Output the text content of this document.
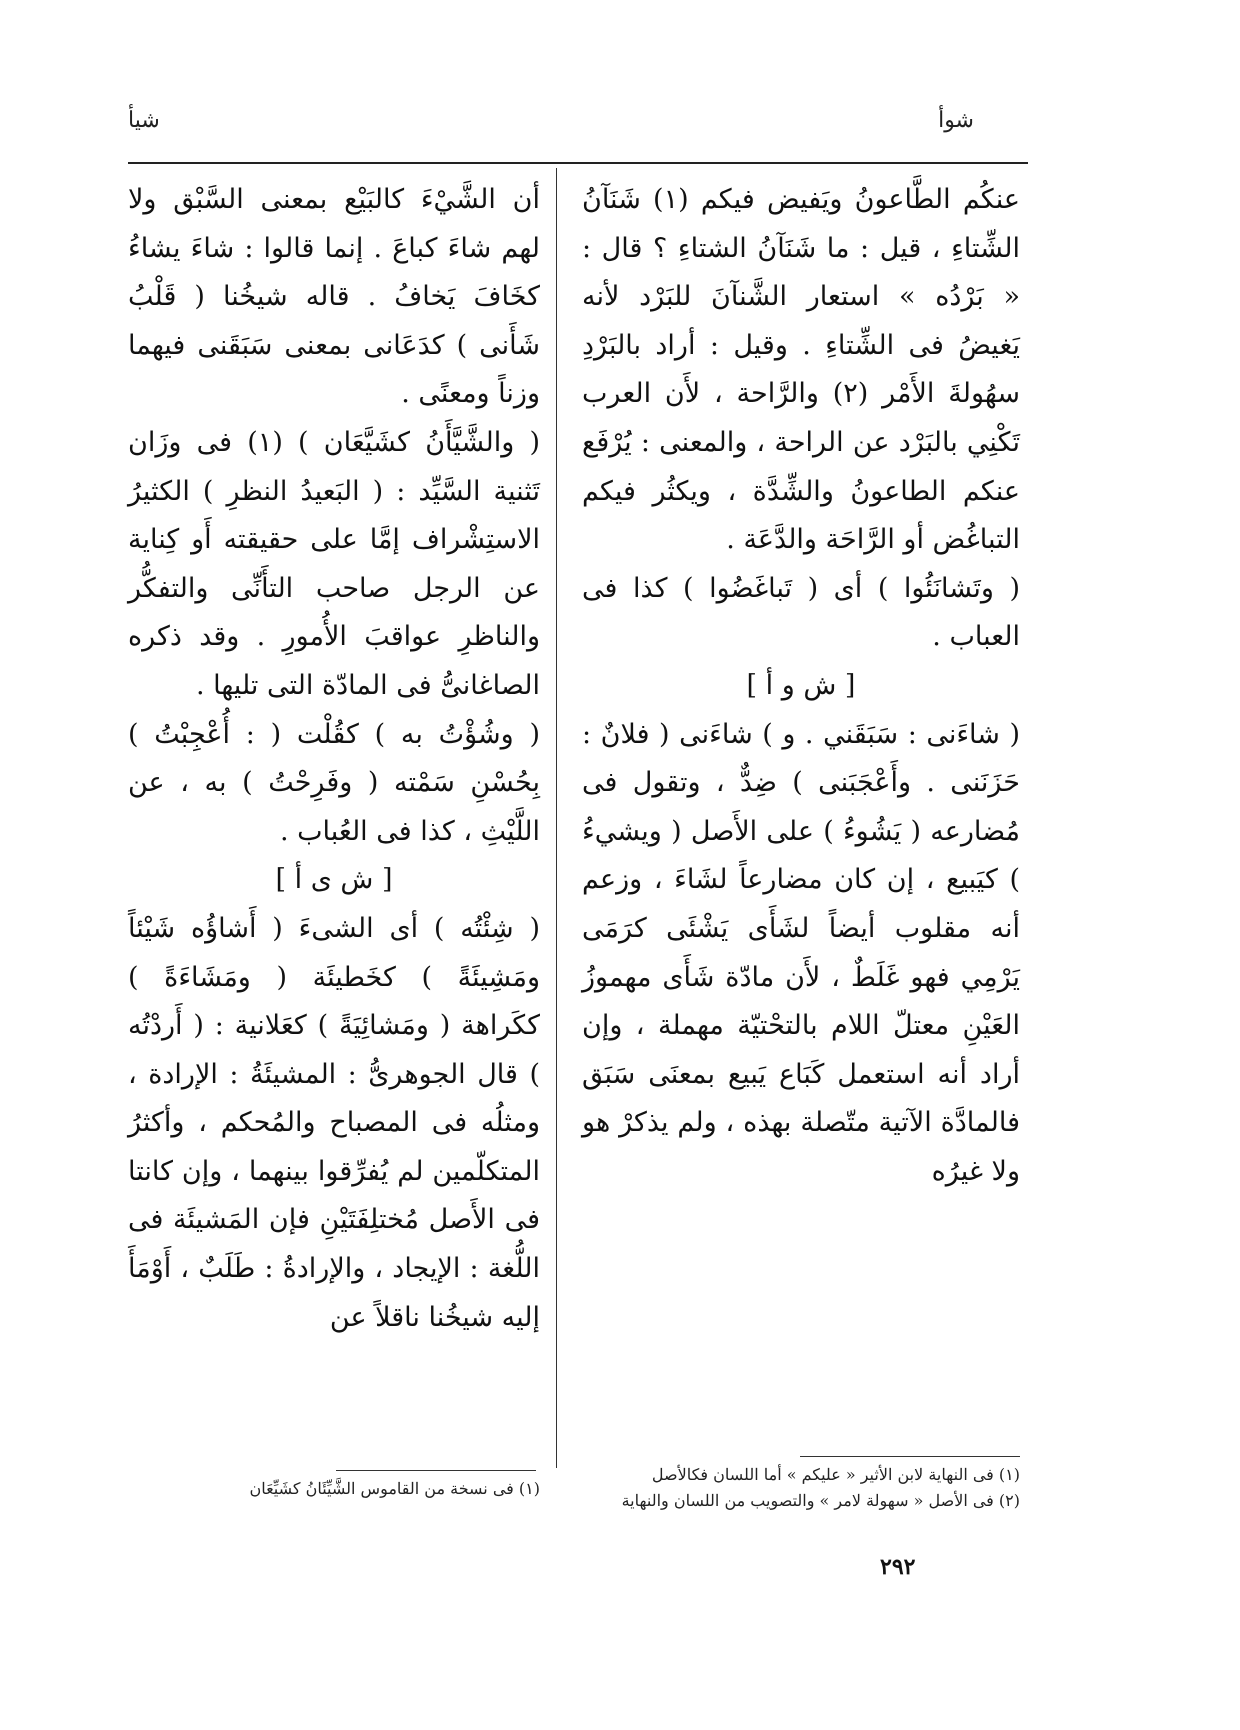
شوأ
شيأ

عنكُم الطَّاعونُ ويَفيض فيكم (١) شَنَآنُ الشِّتاءِ ، قيل : ما شَنَآنُ الشتاءِ ؟ قال : « بَرْدُه » استعار الشَّنآنَ للبَرْد لأنه يَغيضُ فى الشِّتاءِ . وقيل : أراد بالبَرْدِ سهُولةَ الأَمْر (٢) والرَّاحة ، لأَن العرب تَكْنِي بالبَرْد عن الراحة ، والمعنى : يُرْفَع عنكم الطاعونُ والشِّدَّة ، ويكثُر فيكم التباغُض أو الرَّاحَة والدَّعَة .

( وتَشانَئُوا ) أى ( تَباغَضُوا ) كذا فى العباب .

[ ش و أ ]

( شاءَنى : سَبَقَني . و ) شاءَنى ( فلانٌ : حَزَنَنى . وأَعْجَبَنى ) ضِدٌّ ، وتقول فى مُضارعه ( يَشُوءُ ) على الأَصل ( ويشيءُ ) كيَبيع ، إن كان مضارعاً لشَاءَ ، وزعم أنه مقلوب أيضاً لشَأَى يَشْئَى كرَمَى يَرْمِي فهو غَلَطٌ ، لأَن مادّة شَأَى مهموزُ العَيْنِ معتلّ اللام بالتحْتيّة مهملة ، وإن أراد أنه استعمل كَبَاع يَبيع بمعنَى سَبَق فالمادَّة الآتية متّصلة بهذه ، ولم يذكرْ هو ولا غيرُه

أن الشَّيْءَ كالبَيْع بمعنى السَّبْق ولا لهم شاءَ كباعَ . إنما قالوا : شاءَ يشاءُ كخَافَ يَخافُ . قاله شيخُنا ( قَلْبُ شَأَنى ) كدَعَانى بمعنى سَبَقَنى فيهما وزناً ومعنًى .

( والشَّيَّأَنُ كشَيَّعَان ) (١) فى وزَان تَثنية السَّيِّد : ( البَعيدُ النظرِ ) الكثيرُ الاستِشْراف إمَّا على حقيقته أَو كِناية عن الرجل صاحب التأَنِّى والتفكُّر والناظرِ عواقبَ الأُمورِ . وقد ذكره الصاغانىُّ فى المادّة التى تليها .

( وشُؤْتُ به ) كقُلْت ( : أُعْجِبْتُ ) بِحُسْنِ سَمْته ( وفَرِحْتُ ) به ، عن اللَّيْثِ ، كذا فى العُباب .

[ ش ى أ ]

( شِئْتُه ) أى الشىءَ ( أَشاؤُه شَيْئاً ومَشِيئَةً ) كخَطيئَة ( ومَشَاءَةً ) ككَراهة ( ومَشائِيَةً ) كعَلانية : ( أَردْتُه ) قال الجوهرىُّ : المشيئَةُ : الإرادة ، ومثلُه فى المصباح والمُحكم ، وأكثرُ المتكلّمين لم يُفرِّقوا بينهما ، وإن كانتا فى الأَصل مُختلِفَتَيْنِ فإن المَشيئَة فى اللُّغة : الإيجاد ، والإرادةُ : طَلَبٌ ، أَوْمَأَ إليه شيخُنا ناقلاً عن

(١) فى النهاية لابن الأثير « عليكم » أما اللسان فكالأصل
(٢) فى الأصل « سهولة لامر » والتصويب من اللسان والنهاية
(١) فى نسخة من القاموس الشَّيِّئَانُ كشَيِّعَان
٢٩٢
